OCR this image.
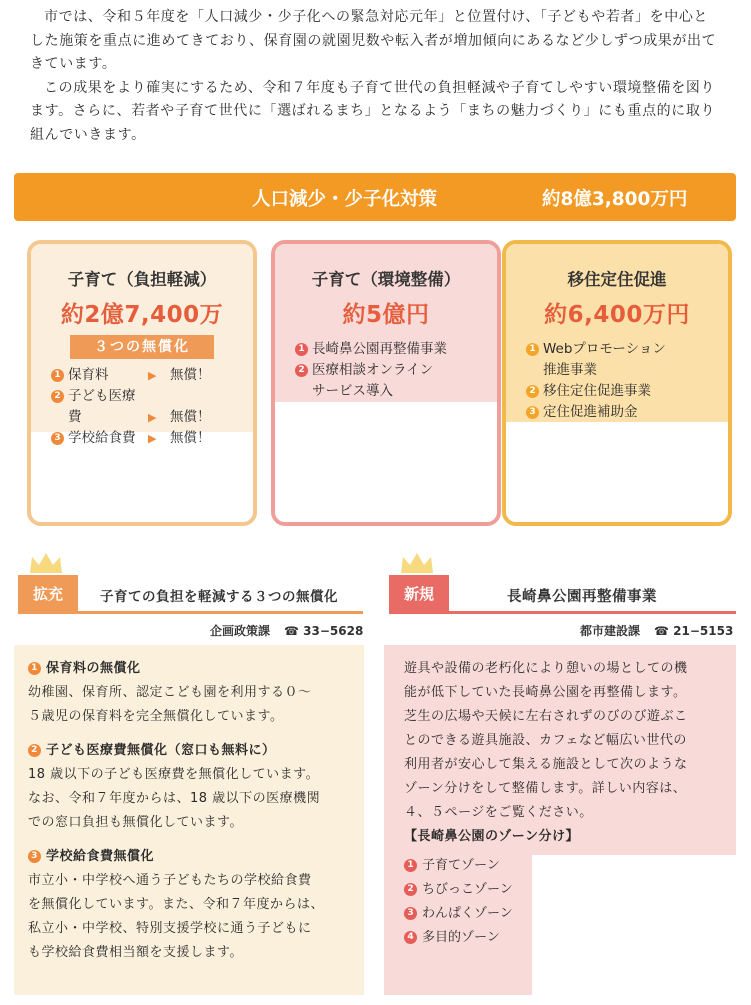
市では、令和５年度を「人口減少・少子化への緊急対応元年」と位置付け、「子どもや若者」を中心とした施策を重点に進めてきており、保育園の就園児数や転入者が増加傾向にあるなど少しずつ成果が出てきています。

この成果をより確実にするため、令和７年度も子育て世代の負担軽減や子育てしやすい環境整備を図ります。さらに、若者や子育て世代に「選ばれるまち」となるよう「まちの魅力づくり」にも重点的に取り組んでいきます。

人口減少・少子化対策	約8億3,800万円
子育て（負担軽減）
約2億7,400万
３つの無償化
1 保育料	▶ 無償！
2 子ども医療費	▶ 無償！
3 学校給食費 ▶ 無償！
子育て（環境整備）
約5億円
1 長崎鼻公園再整備事業
2 医療相談オンライン
サービス導入
移住定住促進
約6,400万円
1 Webプロモーション
推進事業
2 移住定住促進事業
3 定住促進補助金
拡充	子育ての負担を軽減する３つの無償化
企画政策課 ☎ 33−5628
新規	長崎鼻公園再整備事業
都市建設課 ☎ 21−5153
1 保育料の無償化
幼稚園、保育所、認定こども園を利用する０～
５歳児の保育料を完全無償化しています。
2 子ども医療費無償化（窓口も無料に）
18 歳以下の子ども医療費を無償化しています。
なお、令和７年度からは、18 歳以下の医療機関
での窓口負担も無償化しています。
3 学校給食費無償化
市立小・中学校へ通う子どもたちの学校給食費
を無償化しています。また、令和７年度からは、
私立小・中学校、特別支援学校に通う子どもに
も学校給食費相当額を支援します。
遊具や設備の老朽化により憩いの場としての機
能が低下していた長崎鼻公園を再整備します。
芝生の広場や天候に左右されずのびのび遊ぶこ
とのできる遊具施設、カフェなど幅広い世代の
利用者が安心して集える施設として次のような
ゾーン分けをして整備します。詳しい内容は、
４、５ページをご覧ください。
【長崎鼻公園のゾーン分け】
1 子育てゾーン
2 ちびっこゾーン
3 わんぱくゾーン
4 多目的ゾーン
